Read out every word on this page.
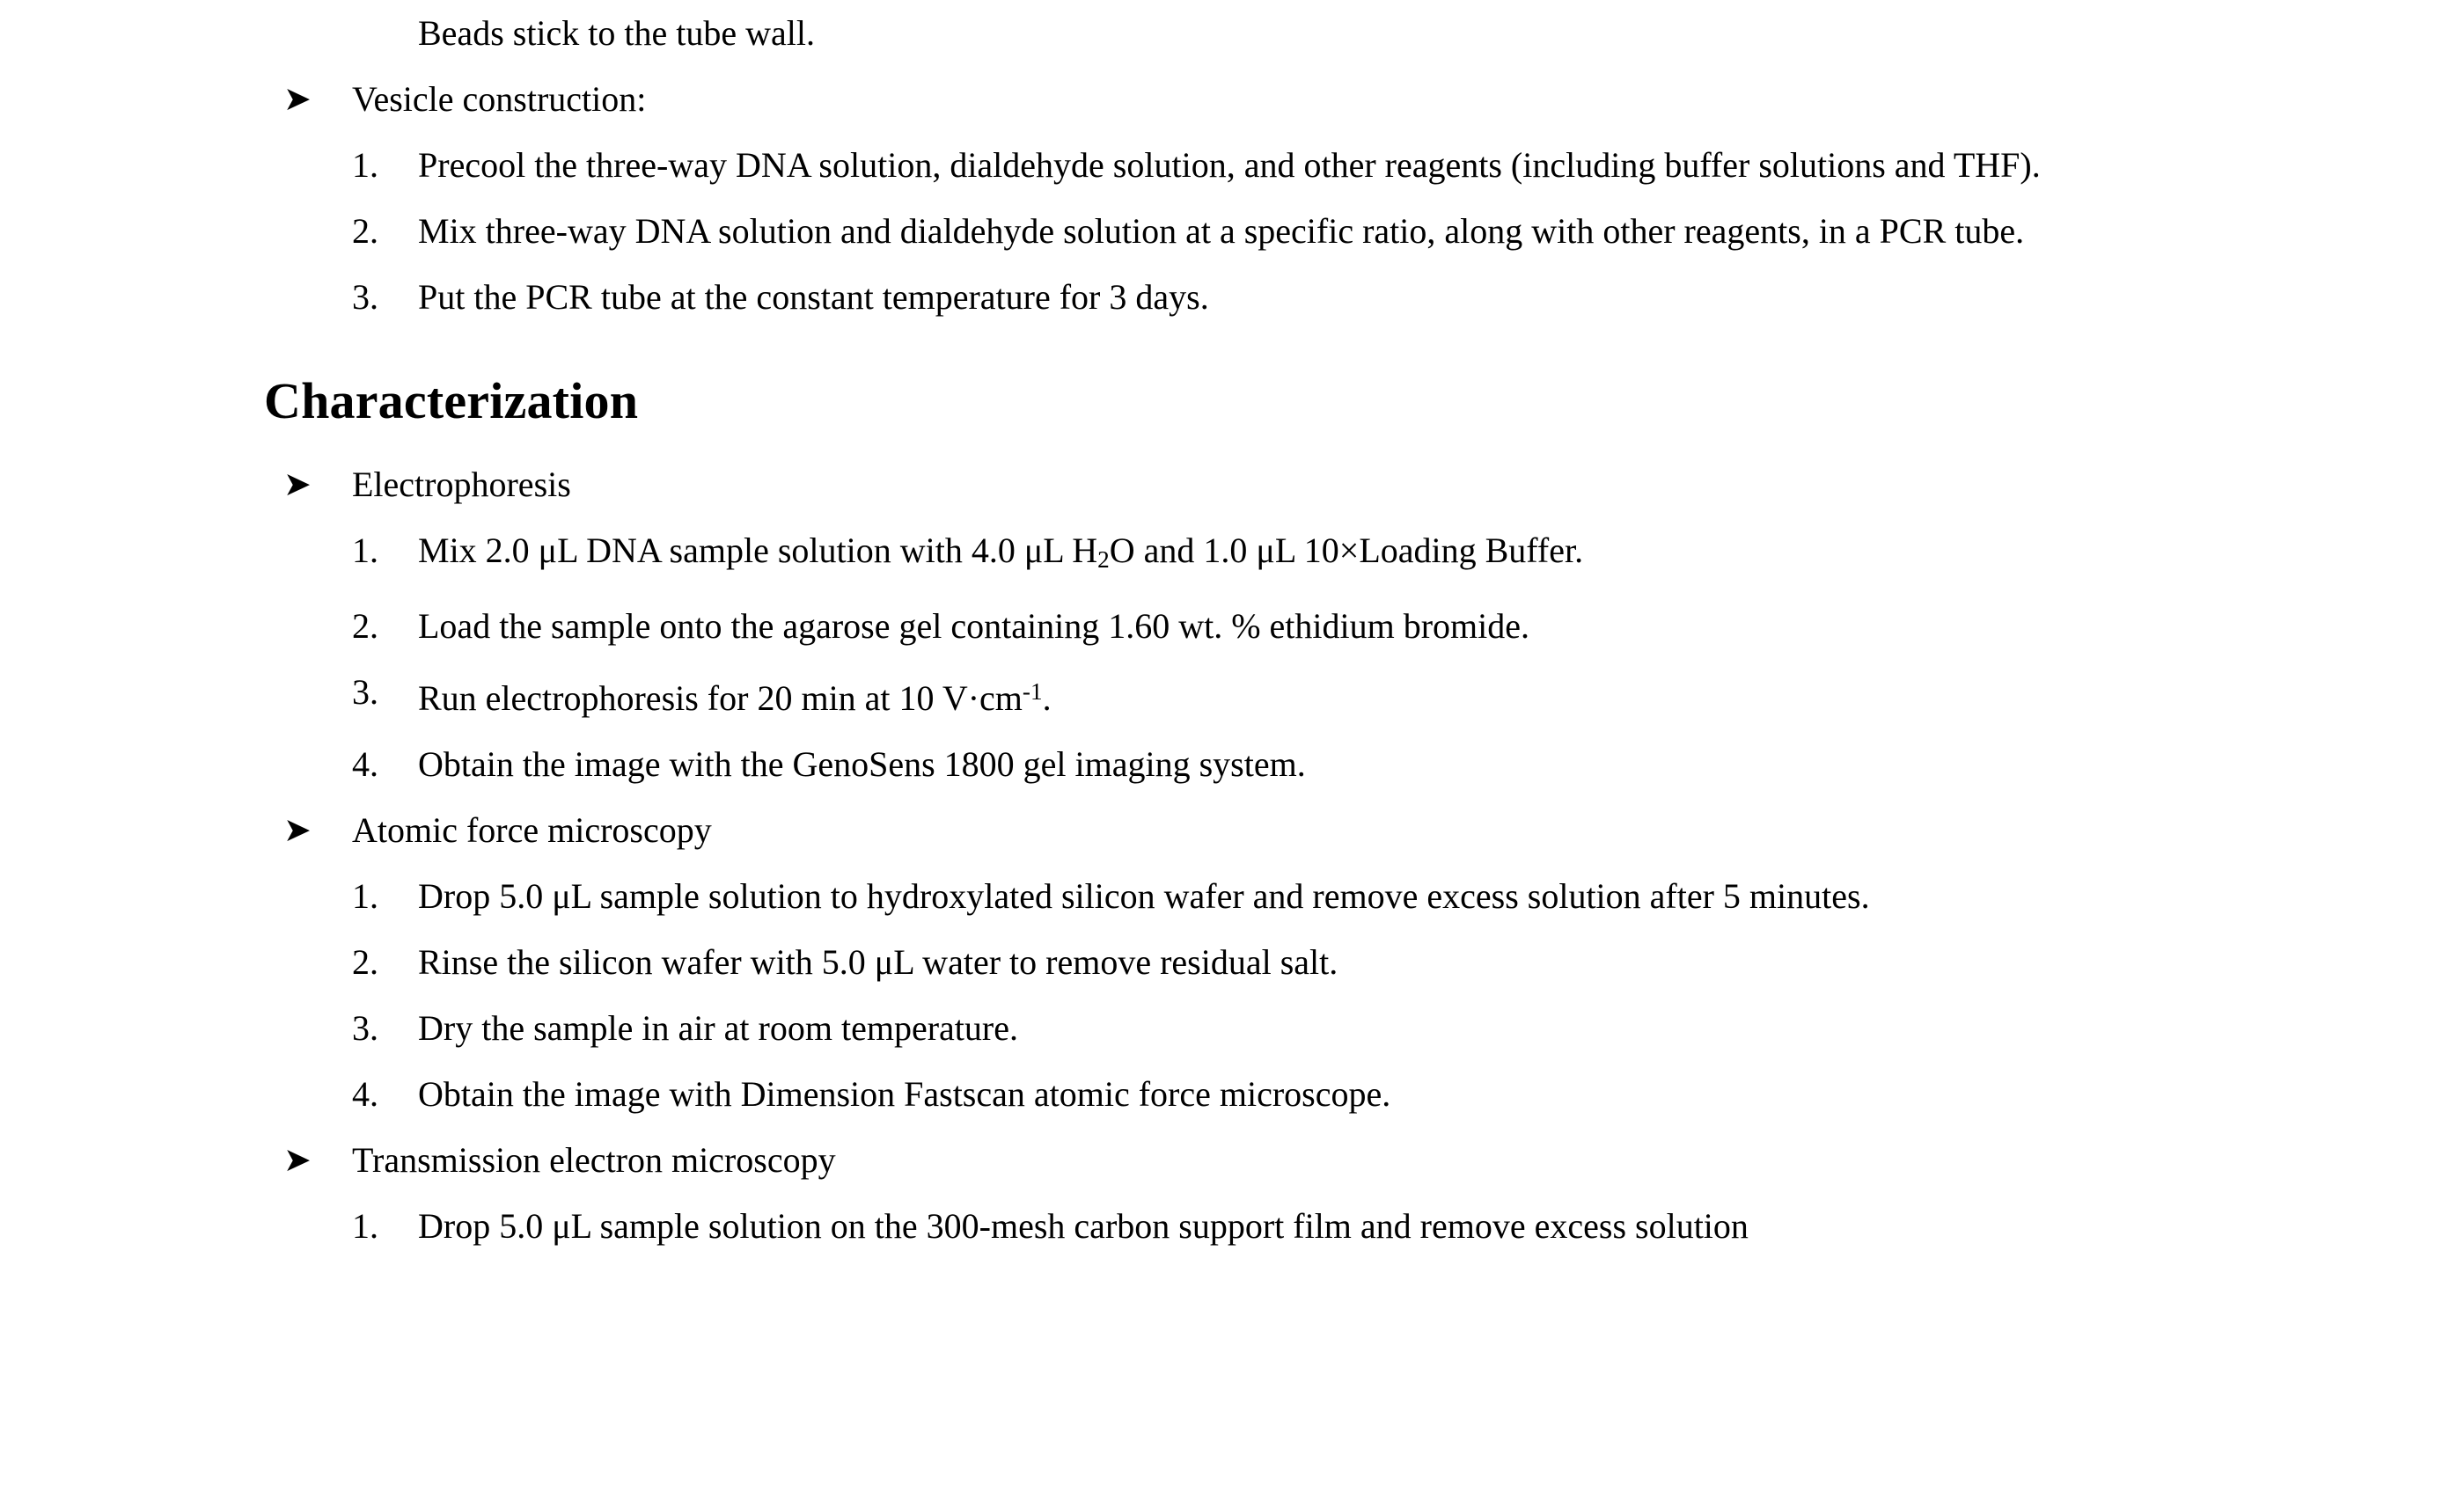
Beads stick to the tube wall.
➤ Vesicle construction:
1.	Precool the three-way DNA solution, dialdehyde solution, and other reagents (including buffer solutions and THF).
2.	Mix three-way DNA solution and dialdehyde solution at a specific ratio, along with other reagents, in a PCR tube.
3.	Put the PCR tube at the constant temperature for 3 days.
Characterization
➤ Electrophoresis
1.	Mix 2.0 μL DNA sample solution with 4.0 μL $H_2O$ and 1.0 μL 10×Loading Buffer.
2.	Load the sample onto the agarose gel containing 1.60 wt. % ethidium bromide.
3.	Run electrophoresis for 20 min at 10 $V\cdot cm^{-1}$.
4.	Obtain the image with the GenoSens 1800 gel imaging system.
➤ Atomic force microscopy
1.	Drop 5.0 μL sample solution to hydroxylated silicon wafer and remove excess solution after 5 minutes.
2.	Rinse the silicon wafer with 5.0 μL water to remove residual salt.
3.	Dry the sample in air at room temperature.
4.	Obtain the image with Dimension Fastscan atomic force microscope.
➤ Transmission electron microscopy
1.	Drop 5.0 μL sample solution on the 300-mesh carbon support film and remove excess solution
